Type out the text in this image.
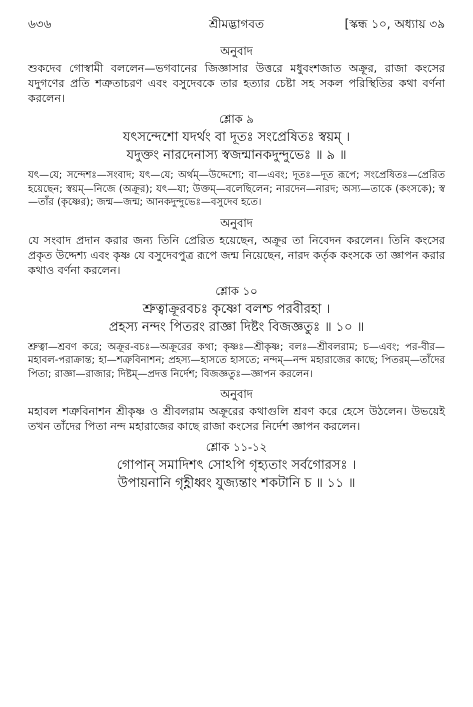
৬৩৬	শ্রীমদ্ভাগবত	[স্কন্ধ ১০, অধ্যায় ৩৯
অনুবাদ

শুকদেব গোস্বামী বললেন—ভগবানের জিজ্ঞাসার উত্তরে মধুবংশজাত অক্রূর, রাজা কংসের যদুগণের প্রতি শত্রুতাচরণ এবং বসুদেবকে তার হত্যার চেষ্টা সহ সকল পরিস্থিতির কথা বর্ণনা করলেন।

শ্লোক ৯

যৎসন্দেশো যদর্থং বা দূতঃ সংপ্রেষিতঃ স্বয়ম্ ।

যদুক্তং নারদেনাস্য স্বজন্মানকদুন্দুভেঃ ॥ ৯ ॥

যৎ—যে; সন্দেশঃ—সংবাদ; যৎ—যে; অর্থম্—উদ্দেশ্যে; বা—এবং; দূতঃ—দূত রূপে; সংপ্রেষিতঃ—প্রেরিত হয়েছেন; স্বয়ম্—নিজে (অক্রূর); যৎ—যা; উক্তম্—বলেছিলেন; নারদেন—নারদ; অস্য—তাকে (কংসকে); স্ব—তাঁর (কৃষ্ণের); জন্ম—জন্ম; আনকদুন্দুভেঃ—বসুদেব হতে।

অনুবাদ

যে সংবাদ প্রদান করার জন্য তিনি প্রেরিত হয়েছেন, অক্রূর তা নিবেদন করলেন। তিনি কংসের প্রকৃত উদ্দেশ্য এবং কৃষ্ণ যে বসুদেবপুত্র রূপে জন্ম নিয়েছেন, নারদ কর্তৃক কংসকে তা জ্ঞাপন করার কথাও বর্ণনা করলেন।

শ্লোক ১০

শ্রুত্বাক্রূরবচঃ কৃষ্ণো বলশ্চ পরবীরহা ।

প্রহস্য নন্দং পিতরং রাজ্ঞা দিষ্টং বিজজ্ঞতুঃ ॥ ১০ ॥

শ্রুত্বা—শ্রবণ করে; অক্রূর-বচঃ—অক্রূরের কথা; কৃষ্ণঃ—শ্রীকৃষ্ণ; বলঃ—শ্রীবলরাম; চ—এবং; পর-বীর—মহাবল-পরাক্রান্ত; হা—শত্রুবিনাশন; প্রহস্য—হাসতে হাসতে; নন্দম্—নন্দ মহারাজের কাছে; পিতরম্—তাঁদের পিতা; রাজ্ঞা—রাজার; দিষ্টম্—প্রদত্ত নির্দেশ; বিজজ্ঞতুঃ—জ্ঞাপন করলেন।

অনুবাদ

মহাবল শত্রুবিনাশন শ্রীকৃষ্ণ ও শ্রীবলরাম অক্রূরের কথাগুলি শ্রবণ করে হেসে উঠলেন। উভয়েই তখন তাঁদের পিতা নন্দ মহারাজের কাছে রাজা কংসের নির্দেশ জ্ঞাপন করলেন।

শ্লোক ১১-১২

গোপান্ সমাদিশৎ সোঽপি গৃহ্যতাং সর্বগোরসঃ ।

উপায়নানি গৃহ্ণীধ্বং যুজ্যন্তাং শকটানি চ ॥ ১১ ॥
